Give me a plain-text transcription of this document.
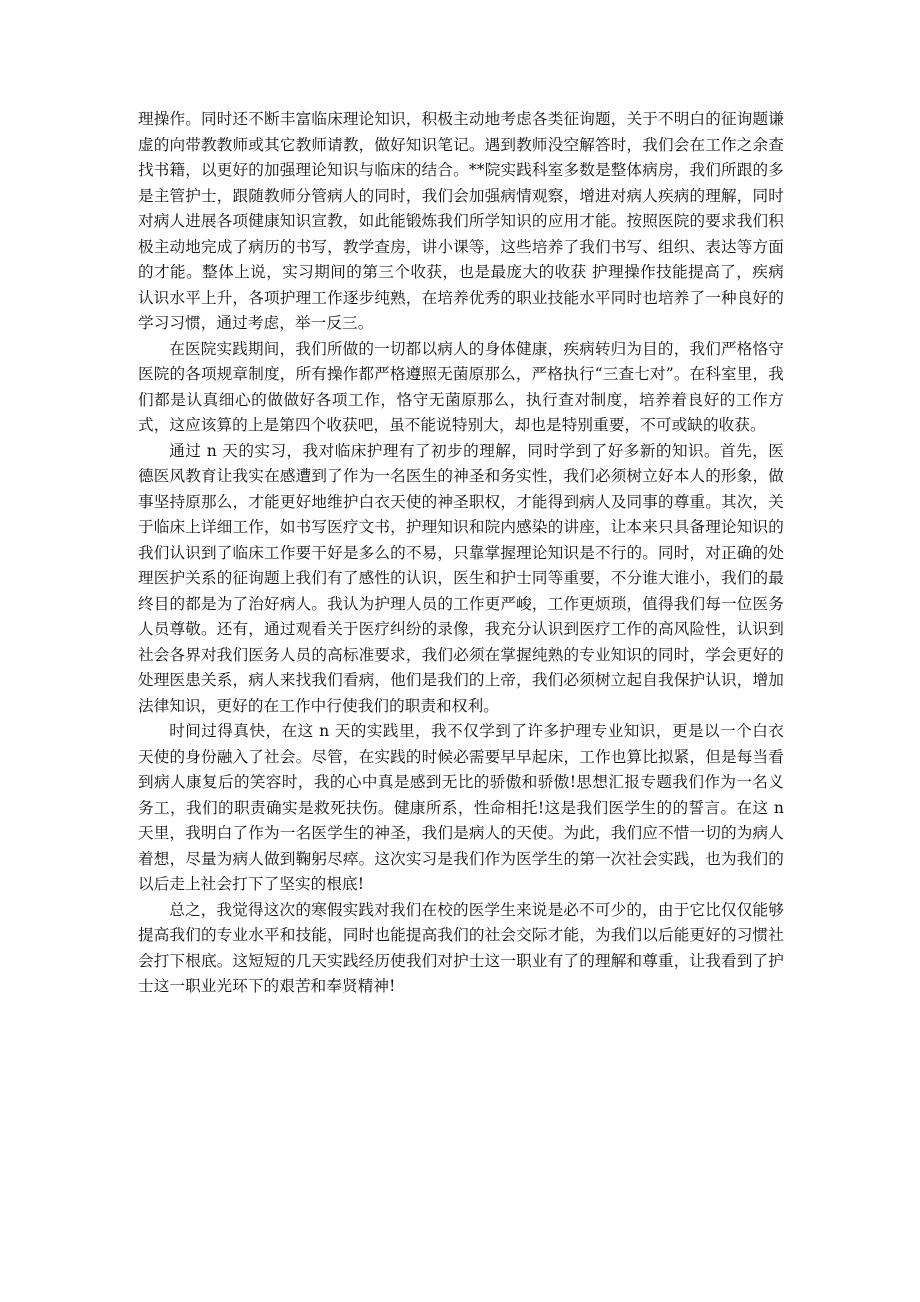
理操作。同时还不断丰富临床理论知识，积极主动地考虑各类征询题，关于不明白的征询题谦虚的向带教教师或其它教师请教，做好知识笔记。遇到教师没空解答时，我们会在工作之余查找书籍，以更好的加强理论知识与临床的结合。**院实践科室多数是整体病房，我们所跟的多是主管护士，跟随教师分管病人的同时，我们会加强病情观察，增进对病人疾病的理解，同时对病人进展各项健康知识宣教，如此能锻炼我们所学知识的应用才能。按照医院的要求我们积极主动地完成了病历的书写，教学查房，讲小课等，这些培养了我们书写、组织、表达等方面的才能。整体上说，实习期间的第三个收获，也是最庞大的收获 护理操作技能提高了，疾病认识水平上升，各项护理工作逐步纯熟，在培养优秀的职业技能水平同时也培养了一种良好的学习习惯，通过考虑，举一反三。

在医院实践期间，我们所做的一切都以病人的身体健康，疾病转归为目的，我们严格恪守医院的各项规章制度，所有操作都严格遵照无菌原那么，严格执行“三查七对”。在科室里，我们都是认真细心的做做好各项工作，恪守无菌原那么，执行查对制度，培养着良好的工作方式，这应该算的上是第四个收获吧，虽不能说特别大，却也是特别重要，不可或缺的收获。

通过 n 天的实习，我对临床护理有了初步的理解，同时学到了好多新的知识。首先，医德医风教育让我实在感遭到了作为一名医生的神圣和务实性，我们必须树立好本人的形象，做事坚持原那么，才能更好地维护白衣天使的神圣职权，才能得到病人及同事的尊重。其次，关于临床上详细工作，如书写医疗文书，护理知识和院内感染的讲座，让本来只具备理论知识的我们认识到了临床工作要干好是多么的不易，只靠掌握理论知识是不行的。同时，对正确的处理医护关系的征询题上我们有了感性的认识，医生和护士同等重要，不分谁大谁小，我们的最终目的都是为了治好病人。我认为护理人员的工作更严峻，工作更烦琐，值得我们每一位医务人员尊敬。还有，通过观看关于医疗纠纷的录像，我充分认识到医疗工作的高风险性，认识到社会各界对我们医务人员的高标准要求，我们必须在掌握纯熟的专业知识的同时，学会更好的处理医患关系，病人来找我们看病，他们是我们的上帝，我们必须树立起自我保护认识，增加法律知识，更好的在工作中行使我们的职责和权利。

时间过得真快，在这 n 天的实践里，我不仅学到了许多护理专业知识，更是以一个白衣天使的身份融入了社会。尽管，在实践的时候必需要早早起床，工作也算比拟紧，但是每当看到病人康复后的笑容时，我的心中真是感到无比的骄傲和骄傲!思想汇报专题我们作为一名义务工，我们的职责确实是救死扶伤。健康所系，性命相托!这是我们医学生的的誓言。在这 n 天里，我明白了作为一名医学生的神圣，我们是病人的天使。为此，我们应不惜一切的为病人着想，尽量为病人做到鞠躬尽瘁。这次实习是我们作为医学生的第一次社会实践，也为我们的以后走上社会打下了坚实的根底!

总之，我觉得这次的寒假实践对我们在校的医学生来说是必不可少的，由于它比仅仅能够提高我们的专业水平和技能，同时也能提高我们的社会交际才能，为我们以后能更好的习惯社会打下根底。这短短的几天实践经历使我们对护士这一职业有了的理解和尊重，让我看到了护士这一职业光环下的艰苦和奉贤精神!
